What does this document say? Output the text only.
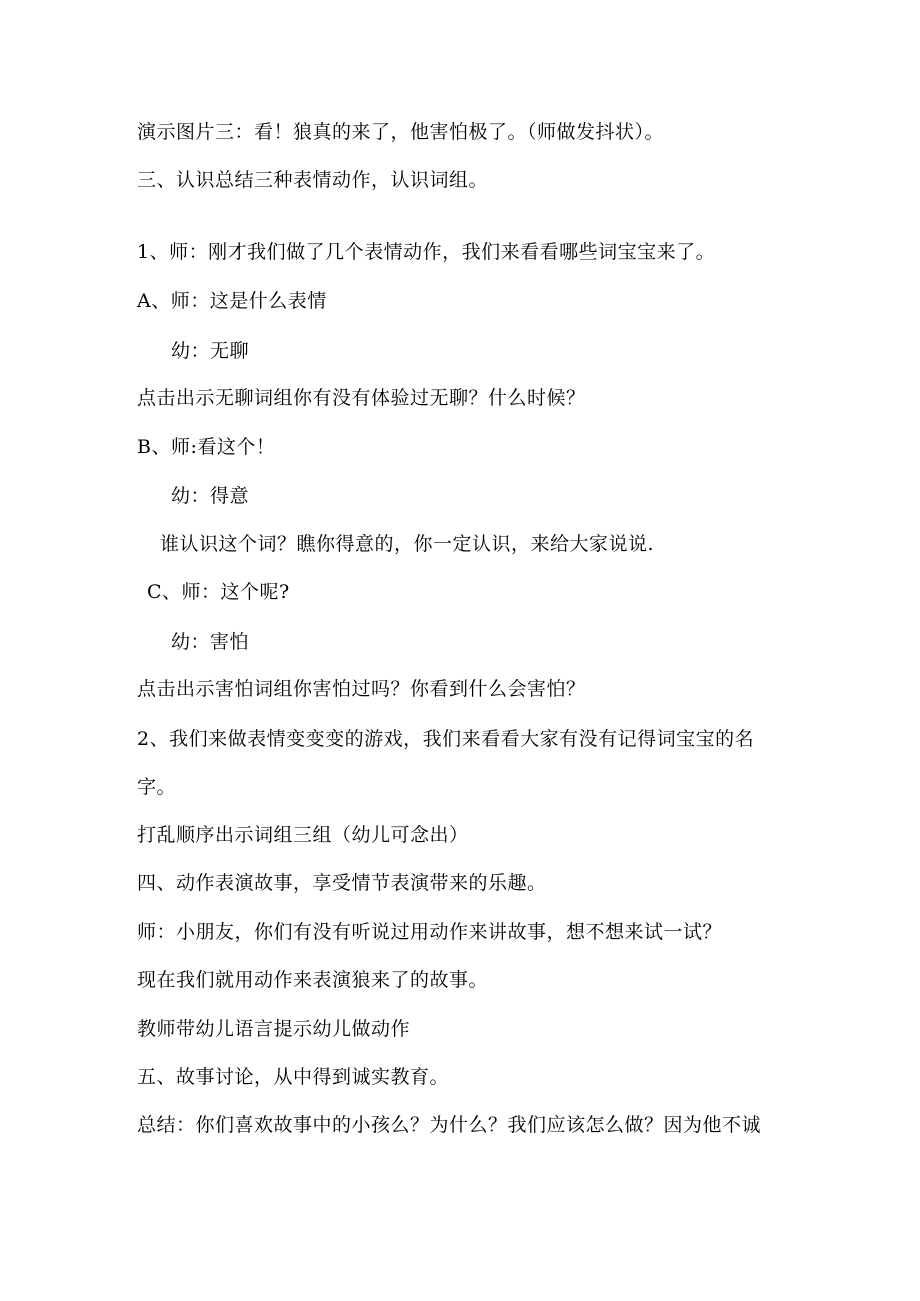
演示图片三：看！狼真的来了，他害怕极了。（师做发抖状）。
三、认识总结三种表情动作，认识词组。
1、师：刚才我们做了几个表情动作，我们来看看哪些词宝宝来了。
A、师：这是什么表情
幼：无聊
点击出示无聊词组你有没有体验过无聊？什么时候？
B、师:看这个！
幼：得意
谁认识这个词？瞧你得意的，你一定认识，来给大家说说.
C、师：这个呢?
幼：害怕
点击出示害怕词组你害怕过吗？你看到什么会害怕？
2、我们来做表情变变变的游戏，我们来看看大家有没有记得词宝宝的名
字。
打乱顺序出示词组三组（幼儿可念出）
四、动作表演故事，享受情节表演带来的乐趣。
师：小朋友，你们有没有听说过用动作来讲故事，想不想来试一试？
现在我们就用动作来表演狼来了的故事。
教师带幼儿语言提示幼儿做动作
五、故事讨论，从中得到诚实教育。
总结：你们喜欢故事中的小孩么？为什么？我们应该怎么做？因为他不诚
